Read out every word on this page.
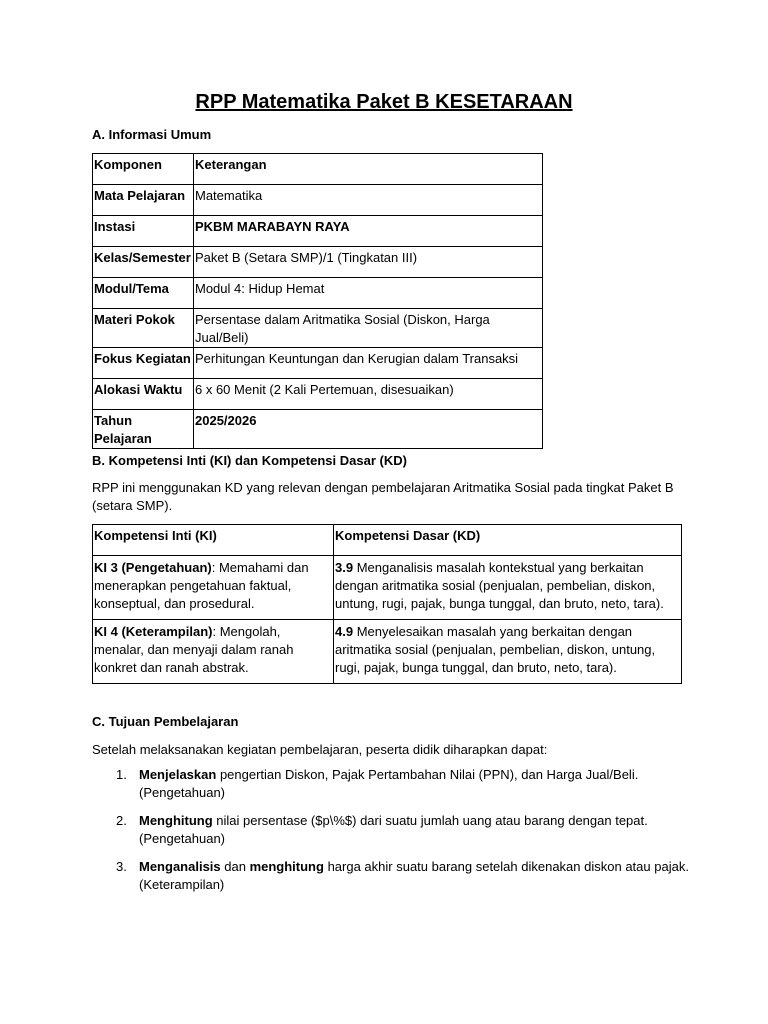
RPP Matematika Paket B KESETARAAN
A. Informasi Umum
Komponen	Keterangan
Mata Pelajaran	Matematika
Instasi	PKBM MARABAYN RAYA
Kelas/Semester	Paket B (Setara SMP)/1 (Tingkatan III)
Modul/Tema	Modul 4: Hidup Hemat
Materi Pokok	Persentase dalam Aritmatika Sosial (Diskon, Harga Jual/Beli)
Fokus Kegiatan	Perhitungan Keuntungan dan Kerugian dalam Transaksi
Alokasi Waktu	6 x 60 Menit (2 Kali Pertemuan, disesuaikan)
Tahun Pelajaran	2025/2026
B. Kompetensi Inti (KI) dan Kompetensi Dasar (KD)
RPP ini menggunakan KD yang relevan dengan pembelajaran Aritmatika Sosial pada tingkat Paket B (setara SMP).
Kompetensi Inti (KI)	Kompetensi Dasar (KD)
KI 3 (Pengetahuan): Memahami dan menerapkan pengetahuan faktual, konseptual, dan prosedural.	3.9 Menganalisis masalah kontekstual yang berkaitan dengan aritmatika sosial (penjualan, pembelian, diskon, untung, rugi, pajak, bunga tunggal, dan bruto, neto, tara).
KI 4 (Keterampilan): Mengolah, menalar, dan menyaji dalam ranah konkret dan ranah abstrak.	4.9 Menyelesaikan masalah yang berkaitan dengan aritmatika sosial (penjualan, pembelian, diskon, untung, rugi, pajak, bunga tunggal, dan bruto, neto, tara).
C. Tujuan Pembelajaran
Setelah melaksanakan kegiatan pembelajaran, peserta didik diharapkan dapat:
1. Menjelaskan pengertian Diskon, Pajak Pertambahan Nilai (PPN), dan Harga Jual/Beli. (Pengetahuan)
2. Menghitung nilai persentase ($p\%$) dari suatu jumlah uang atau barang dengan tepat. (Pengetahuan)
3. Menganalisis dan menghitung harga akhir suatu barang setelah dikenakan diskon atau pajak. (Keterampilan)
